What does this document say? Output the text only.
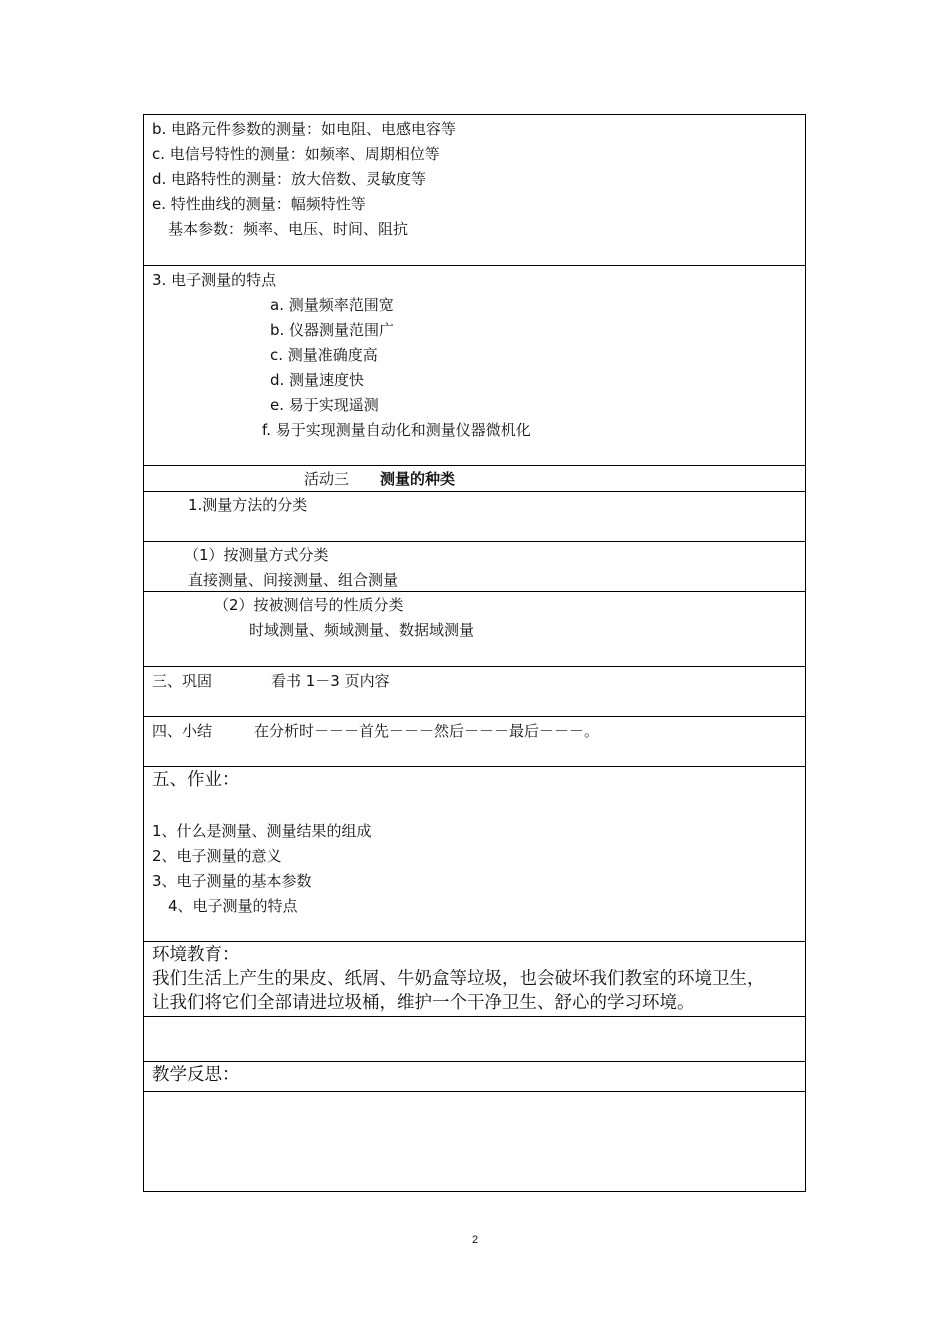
b. 电路元件参数的测量：如电阻、电感电容等
c. 电信号特性的测量：如频率、周期相位等
d. 电路特性的测量：放大倍数、灵敏度等
e. 特性曲线的测量：幅频特性等
基本参数：频率、电压、时间、阻抗

3. 电子测量的特点
a. 测量频率范围宽
b. 仪器测量范围广
c. 测量准确度高
d. 测量速度快
e. 易于实现遥测
f. 易于实现测量自动化和测量仪器微机化

活动三 测量的种类

1.测量方法的分类

（1）按测量方式分类
直接测量、间接测量、组合测量

（2）按被测信号的性质分类
时域测量、频域测量、数据域测量

三、巩固	看书 1－3 页内容

四、小结	在分析时－－－首先－－－然后－－－最后－－－。

五、作业：
1、什么是测量、测量结果的组成
2、电子测量的意义
3、电子测量的基本参数
4、电子测量的特点

环境教育：
我们生活上产生的果皮、纸屑、牛奶盒等垃圾，也会破坏我们教室的环境卫生，
让我们将它们全部请进垃圾桶，维护一个干净卫生、舒心的学习环境。

教学反思：

2
